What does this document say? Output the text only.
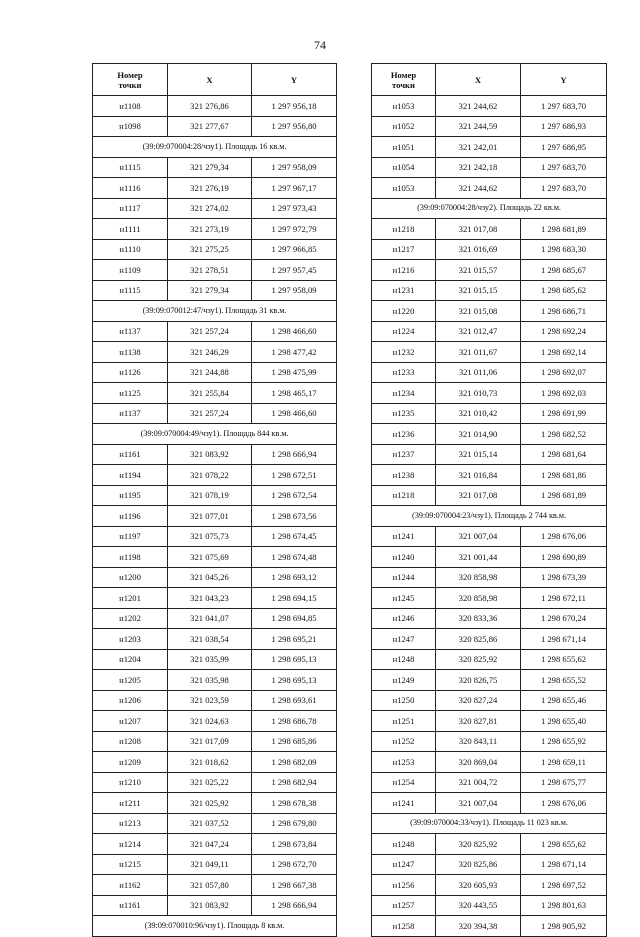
74
Номер
точки	X	Y
н1108	321 276,86	1 297 956,18
н1098	321 277,67	1 297 956,80
(39:09:070004:28/чзу1). Площадь 16 кв.м.		
н1115	321 279,34	1 297 958,09
н1116	321 276,19	1 297 967,17
н1117	321 274,02	1 297 973,43
н1111	321 273,19	1 297 972,79
н1110	321 275,25	1 297 966,85
н1109	321 278,51	1 297 957,45
н1115	321 279,34	1 297 958,09
(39:09:070012:47/чзу1). Площадь 31 кв.м.		
н1137	321 257,24	1 298 466,60
н1138	321 246,29	1 298 477,42
н1126	321 244,88	1 298 475,99
н1125	321 255,84	1 298 465,17
н1137	321 257,24	1 298 466,60
(39:09:070004:49/чзу1). Площадь 844 кв.м.		
н1161	321 083,92	1 298 666,94
н1194	321 078,22	1 298 672,51
н1195	321 078,19	1 298 672,54
н1196	321 077,01	1 298 673,56
н1197	321 075,73	1 298 674,45
н1198	321 075,69	1 298 674,48
н1200	321 045,26	1 298 693,12
н1201	321 043,23	1 298 694,15
н1202	321 041,07	1 298 694,85
н1203	321 038,54	1 298 695,21
н1204	321 035,99	1 298 695,13
н1205	321 035,98	1 298 695,13
н1206	321 023,59	1 298 693,61
н1207	321 024,63	1 298 686,78
н1208	321 017,09	1 298 685,86
н1209	321 018,62	1 298 682,09
н1210	321 025,22	1 298 682,94
н1211	321 025,92	1 298 678,38
н1213	321 037,52	1 298 679,80
н1214	321 047,24	1 298 673,84
н1215	321 049,11	1 298 672,70
н1162	321 057,80	1 298 667,38
н1161	321 083,92	1 298 666,94
(39:09:070010:96/чзу1). Площадь 8 кв.м.		
Номер
точки	X	Y
н1053	321 244,62	1 297 683,70
н1052	321 244,59	1 297 686,93
н1051	321 242,01	1 297 686,95
н1054	321 242,18	1 297 683,70
н1053	321 244,62	1 297 683,70
(39:09:070004:28/чзу2). Площадь 22 кв.м.		
н1218	321 017,08	1 298 681,89
н1217	321 016,69	1 298 683,30
н1216	321 015,57	1 298 685,67
н1231	321 015,15	1 298 685,62
н1220	321 015,08	1 298 686,71
н1224	321 012,47	1 298 692,24
н1232	321 011,67	1 298 692,14
н1233	321 011,06	1 298 692,07
н1234	321 010,73	1 298 692,03
н1235	321 010,42	1 298 691,99
н1236	321 014,90	1 298 682,52
н1237	321 015,14	1 298 681,64
н1238	321 016,84	1 298 681,86
н1218	321 017,08	1 298 681,89
(39:09:070004:23/чзу1). Площадь 2 744 кв.м.		
н1241	321 007,04	1 298 676,06
н1240	321 001,44	1 298 690,89
н1244	320 858,98	1 298 673,39
н1245	320 858,98	1 298 672,11
н1246	320 833,36	1 298 670,24
н1247	320 825,86	1 298 671,14
н1248	320 825,92	1 298 655,62
н1249	320 826,75	1 298 655,52
н1250	320 827,24	1 298 655,46
н1251	320 827,81	1 298 655,40
н1252	320 843,11	1 298 655,92
н1253	320 869,04	1 298 659,11
н1254	321 004,72	1 298 675,77
н1241	321 007,04	1 298 676,06
(39:09:070004:33/чзу1). Площадь 11 023 кв.м.		
н1248	320 825,92	1 298 655,62
н1247	320 825,86	1 298 671,14
н1256	320 605,93	1 298 697,52
н1257	320 443,55	1 298 801,63
н1258	320 394,38	1 298 905,92
